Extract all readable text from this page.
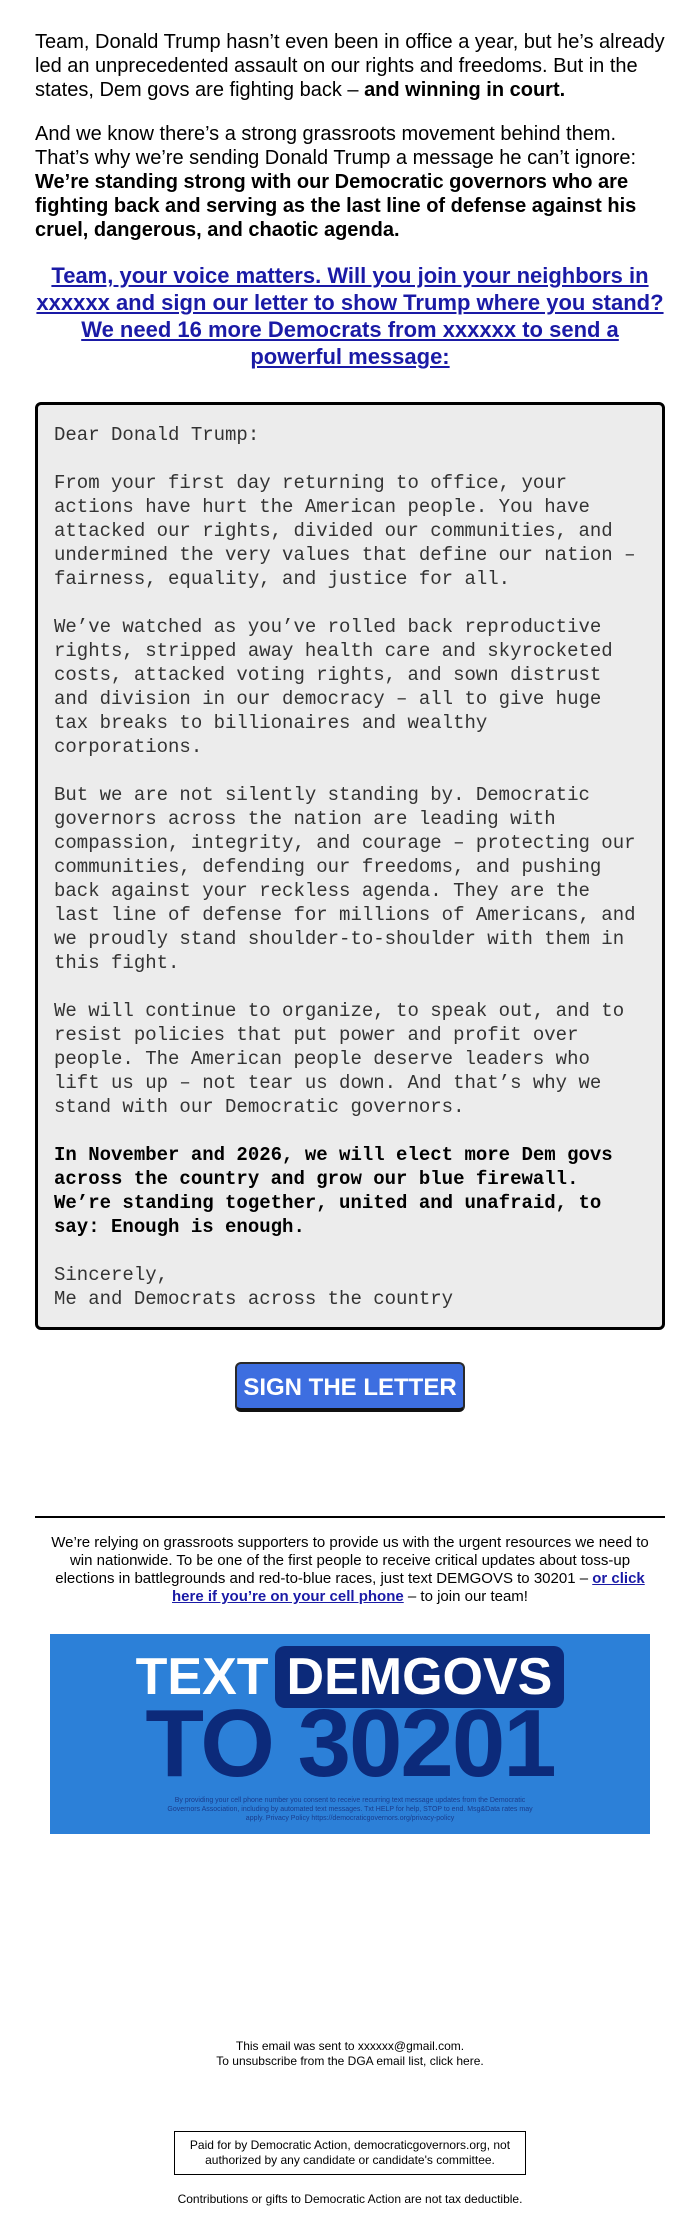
Team, Donald Trump hasn’t even been in office a year, but he’s already led an unprecedented assault on our rights and freedoms. But in the states, Dem govs are fighting back – and winning in court.

And we know there’s a strong grassroots movement behind them. That’s why we’re sending Donald Trump a message he can’t ignore: We’re standing strong with our Democratic governors who are fighting back and serving as the last line of defense against his cruel, dangerous, and chaotic agenda.

Team, your voice matters. Will you join your neighbors in xxxxxx and sign our letter to show Trump where you stand? We need 16 more Democrats from xxxxxx to send a powerful message:

Dear Donald Trump:

From your first day returning to office, your actions have hurt the American people. You have attacked our rights, divided our communities, and undermined the very values that define our nation – fairness, equality, and justice for all.

We’ve watched as you’ve rolled back reproductive rights, stripped away health care and skyrocketed costs, attacked voting rights, and sown distrust and division in our democracy – all to give huge tax breaks to billionaires and wealthy corporations.

But we are not silently standing by. Democratic governors across the nation are leading with compassion, integrity, and courage – protecting our communities, defending our freedoms, and pushing back against your reckless agenda. They are the last line of defense for millions of Americans, and we proudly stand shoulder-to-shoulder with them in this fight.

We will continue to organize, to speak out, and to resist policies that put power and profit over people. The American people deserve leaders who lift us up – not tear us down. And that’s why we stand with our Democratic governors.

In November and 2026, we will elect more Dem govs across the country and grow our blue firewall. We’re standing together, united and unafraid, to say: Enough is enough.

Sincerely,
Me and Democrats across the country

SIGN THE LETTER

We’re relying on grassroots supporters to provide us with the urgent resources we need to win nationwide. To be one of the first people to receive critical updates about toss-up elections in battlegrounds and red-to-blue races, just text DEMGOVS to 30201 – or click here if you’re on your cell phone – to join our team!

TEXT DEMGOVS
TO 30201
By providing your cell phone number you consent to receive recurring text message updates from the Democratic Governors Association, including by automated text messages. Txt HELP for help, STOP to end. Msg&Data rates may apply. Privacy Policy https://democraticgovernors.org/privacy-policy
This email was sent to xxxxxx@gmail.com.
To unsubscribe from the DGA email list, click here.
Paid for by Democratic Action, democraticgovernors.org, not authorized by any candidate or candidate's committee.
Contributions or gifts to Democratic Action are not tax deductible.
